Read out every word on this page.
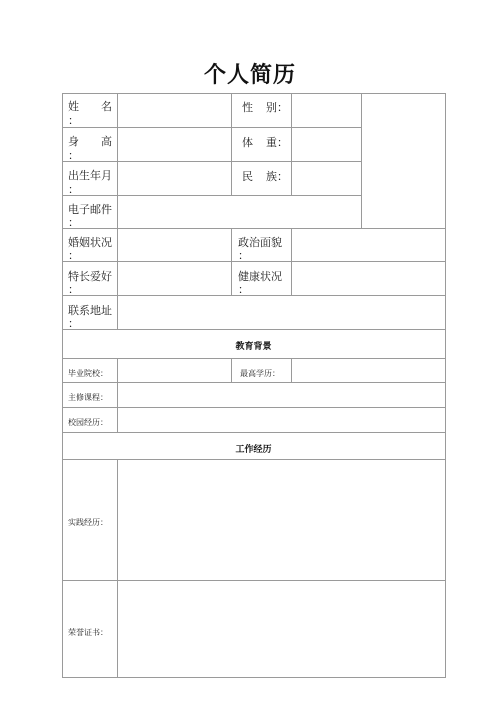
个人简历
姓 名
：
性 别：
身 高
：
体 重：
出生年月
：
民 族：
电子邮件
：
婚姻状况
：
政治面貌
：
特长爱好
：
健康状况
：
联系地址
：
教育背景
毕业院校：	最高学历：
主修课程：
校园经历：
工作经历
实践经历：
荣誉证书：
